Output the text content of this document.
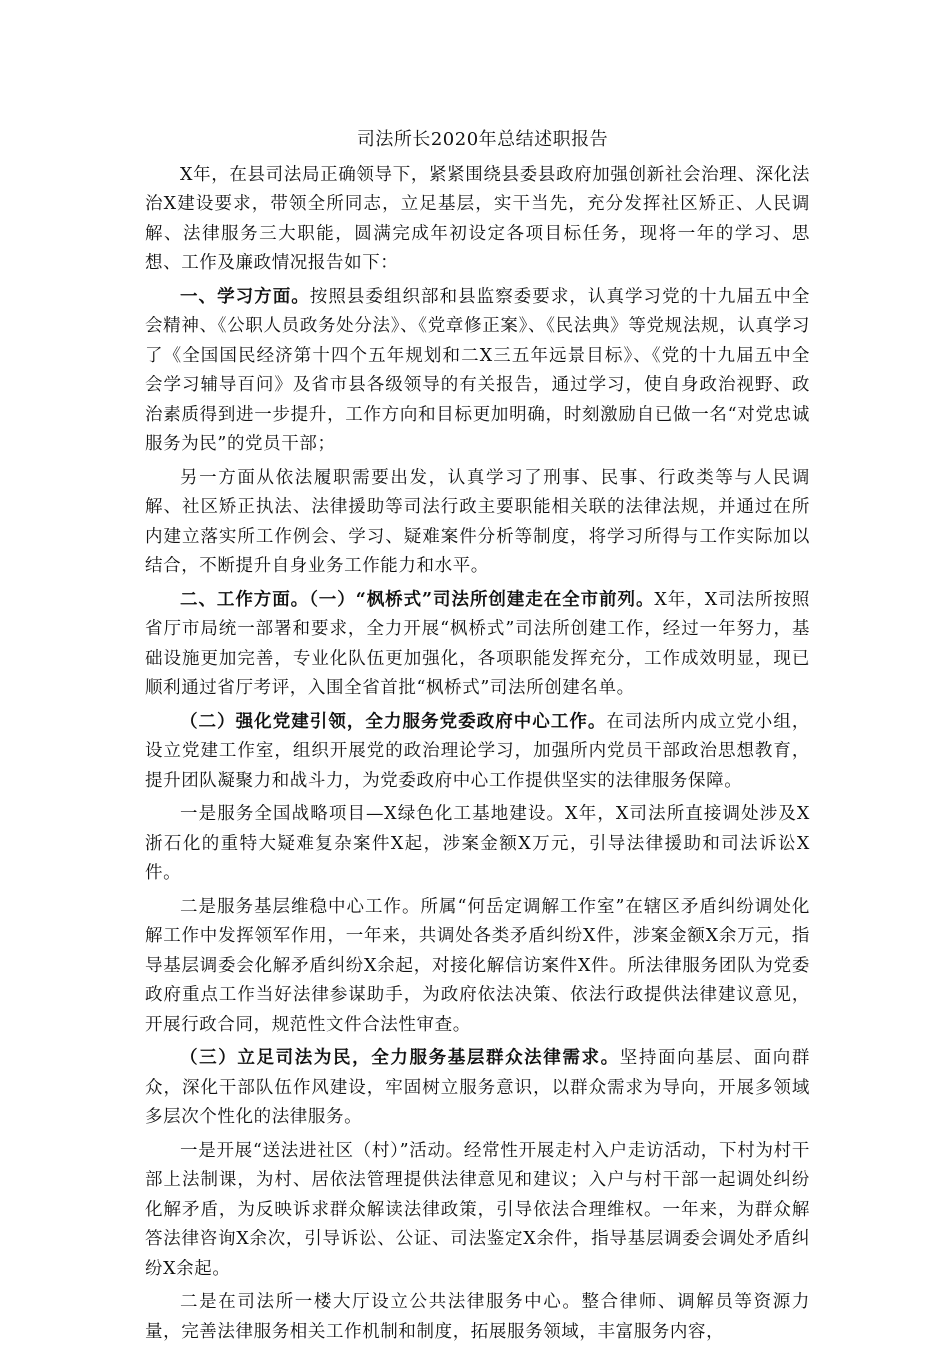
司法所长2020年总结述职报告

X年，在县司法局正确领导下，紧紧围绕县委县政府加强创新社会治理、深化法治X建设要求，带领全所同志，立足基层，实干当先，充分发挥社区矫正、人民调解、法律服务三大职能，圆满完成年初设定各项目标任务，现将一年的学习、思想、工作及廉政情况报告如下：

一、学习方面。按照县委组织部和县监察委要求，认真学习党的十九届五中全会精神、《公职人员政务处分法》、《党章修正案》、《民法典》等党规法规，认真学习了《全国国民经济第十四个五年规划和二X三五年远景目标》、《党的十九届五中全会学习辅导百问》及省市县各级领导的有关报告，通过学习，使自身政治视野、政治素质得到进一步提升，工作方向和目标更加明确，时刻激励自已做一名“对党忠诚服务为民”的党员干部；

另一方面从依法履职需要出发，认真学习了刑事、民事、行政类等与人民调解、社区矫正执法、法律援助等司法行政主要职能相关联的法律法规，并通过在所内建立落实所工作例会、学习、疑难案件分析等制度，将学习所得与工作实际加以结合，不断提升自身业务工作能力和水平。

二、工作方面。（一）“枫桥式”司法所创建走在全市前列。X年，X司法所按照省厅市局统一部署和要求，全力开展“枫桥式”司法所创建工作，经过一年努力，基础设施更加完善，专业化队伍更加强化，各项职能发挥充分，工作成效明显，现已顺利通过省厅考评，入围全省首批“枫桥式”司法所创建名单。

（二）强化党建引领，全力服务党委政府中心工作。在司法所内成立党小组，设立党建工作室，组织开展党的政治理论学习，加强所内党员干部政治思想教育，提升团队凝聚力和战斗力，为党委政府中心工作提供坚实的法律服务保障。

一是服务全国战略项目—X绿色化工基地建设。X年，X司法所直接调处涉及X浙石化的重特大疑难复杂案件X起，涉案金额X万元，引导法律援助和司法诉讼X件。

二是服务基层维稳中心工作。所属“何岳定调解工作室”在辖区矛盾纠纷调处化解工作中发挥领军作用，一年来，共调处各类矛盾纠纷X件，涉案金额X余万元，指导基层调委会化解矛盾纠纷X余起，对接化解信访案件X件。所法律服务团队为党委政府重点工作当好法律参谋助手，为政府依法决策、依法行政提供法律建议意见，开展行政合同，规范性文件合法性审查。

（三）立足司法为民，全力服务基层群众法律需求。坚持面向基层、面向群众，深化干部队伍作风建设，牢固树立服务意识，以群众需求为导向，开展多领域多层次个性化的法律服务。

一是开展“送法进社区（村）”活动。经常性开展走村入户走访活动，下村为村干部上法制课，为村、居依法管理提供法律意见和建议；入户与村干部一起调处纠纷化解矛盾，为反映诉求群众解读法律政策，引导依法合理维权。一年来，为群众解答法律咨询X余次，引导诉讼、公证、司法鉴定X余件，指导基层调委会调处矛盾纠纷X余起。

二是在司法所一楼大厅设立公共法律服务中心。整合律师、调解员等资源力量，完善法律服务相关工作机制和制度，拓展服务领域，丰富服务内容，
